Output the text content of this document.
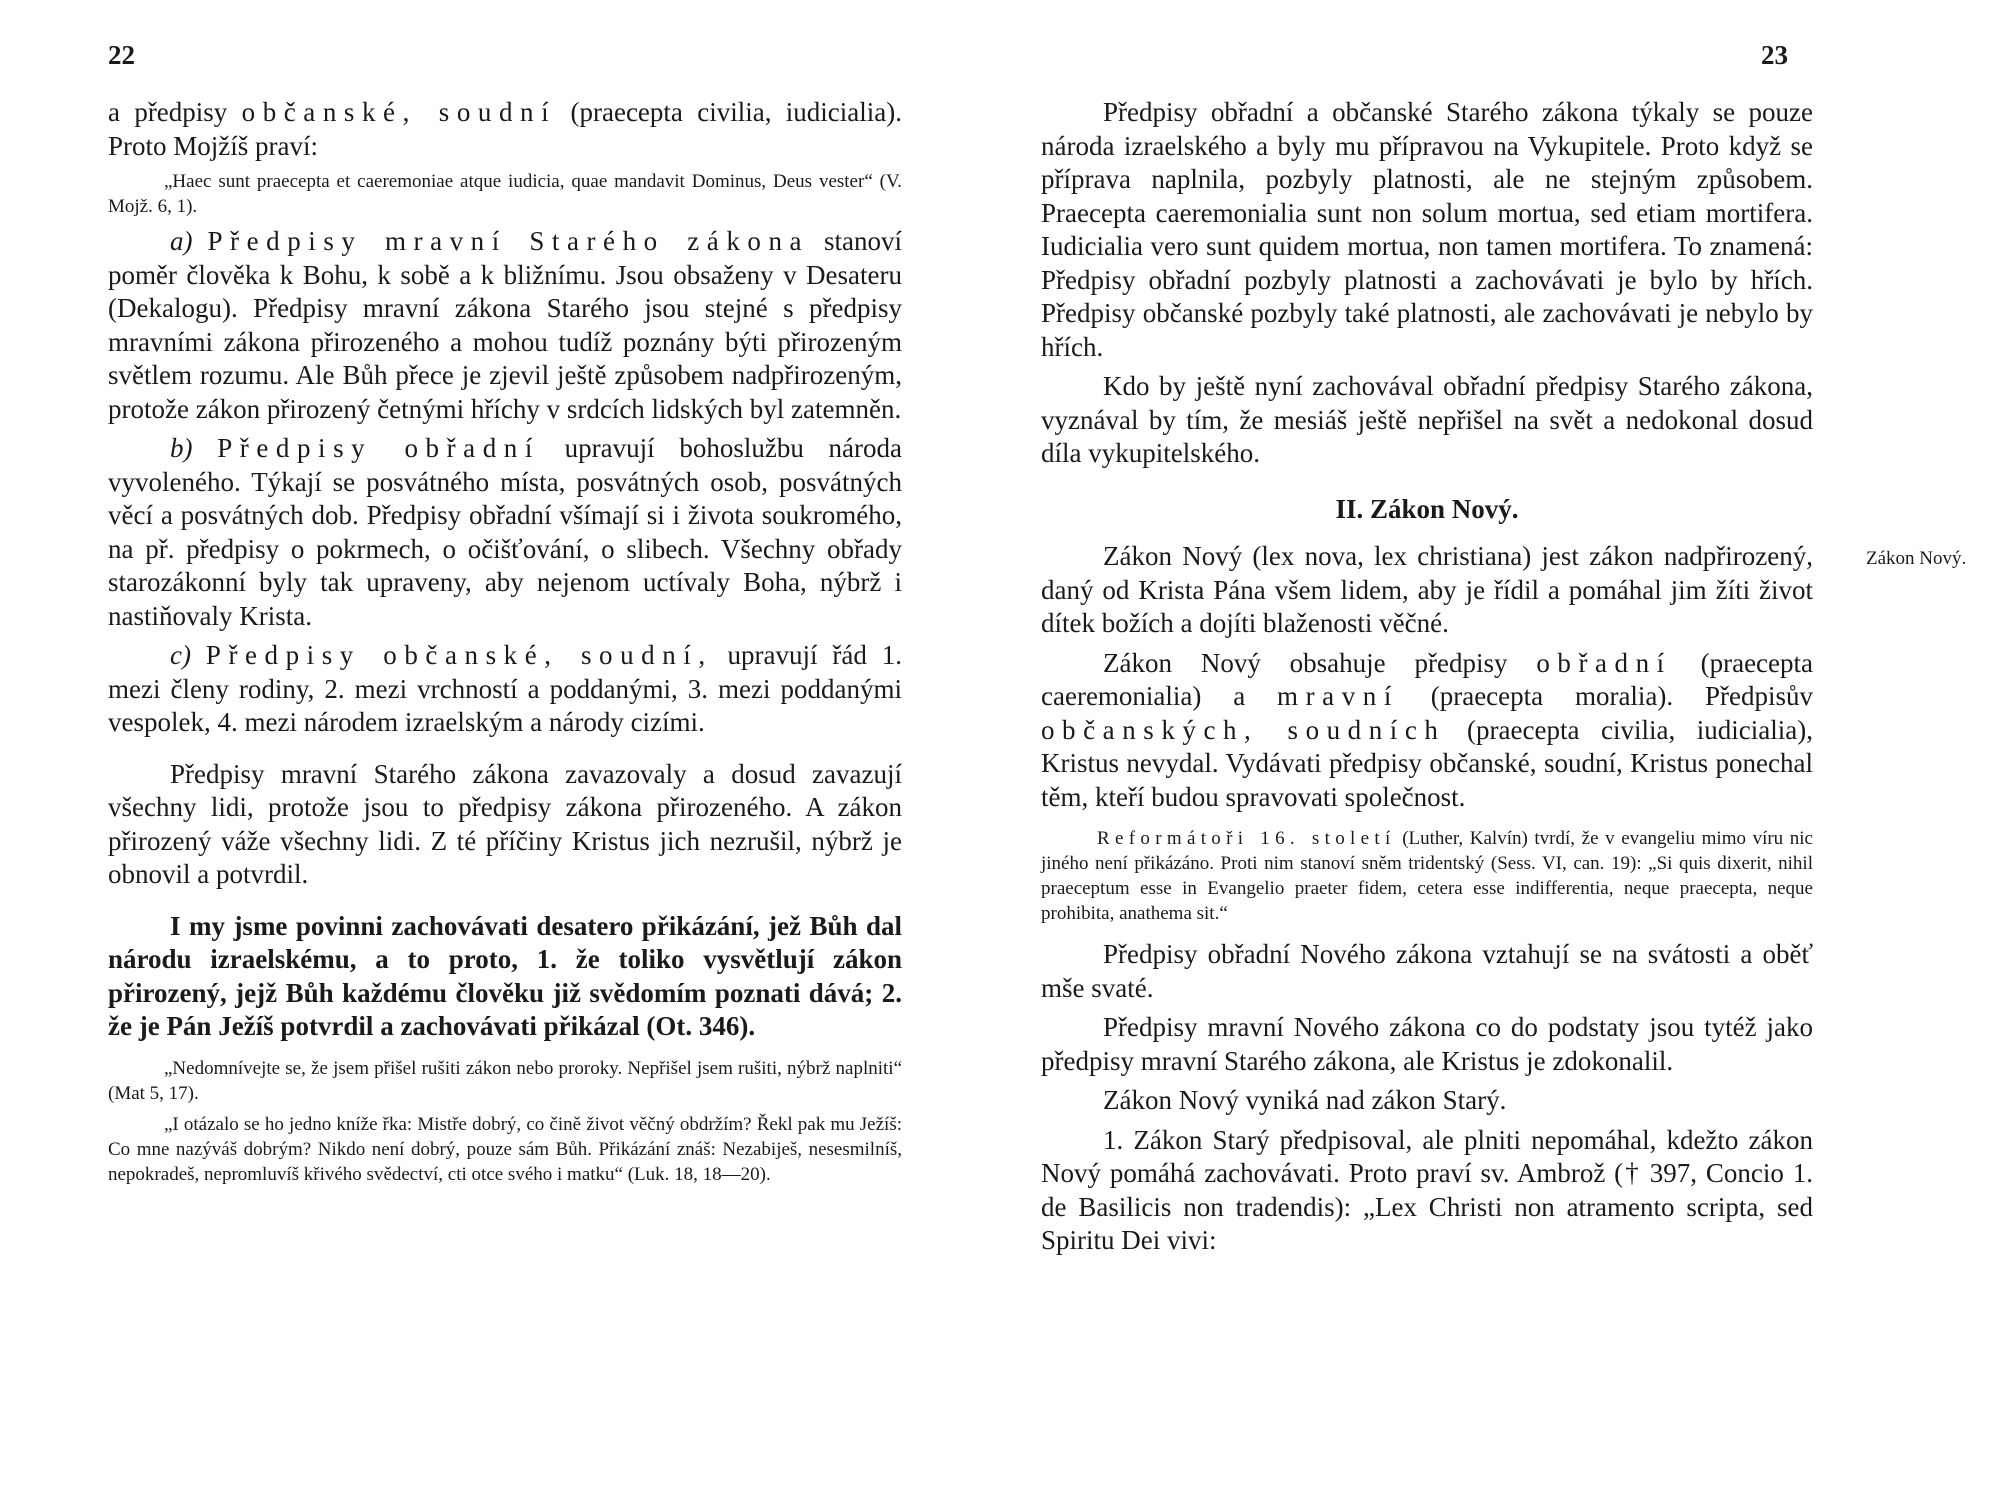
22

a předpisy občanské, soudní (praecepta civilia, iudicialia). Proto Mojžíš praví:

„Haec sunt praecepta et caeremoniae atque iudicia, quae mandavit Dominus, Deus vester“ (V. Mojž. 6, 1).

a) Předpisy mravní Starého zákona stanoví poměr člověka k Bohu, k sobě a k bližnímu. Jsou obsaženy v Desateru (Dekalogu). Předpisy mravní zákona Starého jsou stejné s předpisy mravními zákona přirozeného a mohou tudíž poznány býti přirozeným světlem rozumu. Ale Bůh přece je zjevil ještě způsobem nadpřirozeným, protože zákon přirozený četnými hříchy v srdcích lidských byl zatemněn.

b) Předpisy obřadní upravují bohoslužbu národa vyvoleného. Týkají se posvátného místa, posvátných osob, posvátných věcí a posvátných dob. Předpisy obřadní všímají si i života soukromého, na př. předpisy o pokrmech, o očišťování, o slibech. Všechny obřady starozákonní byly tak upraveny, aby nejenom uctívaly Boha, nýbrž i nastiňovaly Krista.

c) Předpisy občanské, soudní, upravují řád 1. mezi členy rodiny, 2. mezi vrchností a poddanými, 3. mezi poddanými vespolek, 4. mezi národem izraelským a národy cizími.

Předpisy mravní Starého zákona zavazovaly a dosud zavazují všechny lidi, protože jsou to předpisy zákona přirozeného. A zákon přirozený váže všechny lidi. Z té příčiny Kristus jich nezrušil, nýbrž je obnovil a potvrdil.

I my jsme povinni zachovávati desatero přikázání, jež Bůh dal národu izraelskému, a to proto, 1. že toliko vysvětlují zákon přirozený, jejž Bůh každému člověku již svědomím poznati dává; 2. že je Pán Ježíš potvrdil a zachovávati přikázal (Ot. 346).

„Nedomnívejte se, že jsem přišel rušiti zákon nebo proroky. Nepřišel jsem rušiti, nýbrž naplniti“ (Mat 5, 17).

„I otázalo se ho jedno kníže řka: Mistře dobrý, co čině život věčný obdržím? Řekl pak mu Ježíš: Co mne nazýváš dobrým? Nikdo není dobrý, pouze sám Bůh. Přikázání znáš: Nezabiješ, nesesmilníš, nepokradeš, nepromluvíš křivého svědectví, cti otce svého i matku“ (Luk. 18, 18—20).

23

Předpisy obřadní a občanské Starého zákona týkaly se pouze národa izraelského a byly mu přípravou na Vykupitele. Proto když se příprava naplnila, pozbyly platnosti, ale ne stejným způsobem. Praecepta caeremonialia sunt non solum mortua, sed etiam mortifera. Iudicialia vero sunt quidem mortua, non tamen mortifera. To znamená: Předpisy obřadní pozbyly platnosti a zachovávati je bylo by hřích. Předpisy občanské pozbyly také platnosti, ale zachovávati je nebylo by hřích.

Kdo by ještě nyní zachovával obřadní předpisy Starého zákona, vyznával by tím, že mesiáš ještě nepřišel na svět a nedokonal dosud díla vykupitelského.

II. Zákon Nový.
Zákon Nový.

Zákon Nový (lex nova, lex christiana) jest zákon nadpřirozený, daný od Krista Pána všem lidem, aby je řídil a pomáhal jim žíti život dítek božích a dojíti blaženosti věčné.

Zákon Nový obsahuje předpisy obřadní (praecepta caeremonialia) a mravní (praecepta moralia). Předpisův občanských, soudních (praecepta civilia, iudicialia), Kristus nevydal. Vydávati předpisy občanské, soudní, Kristus ponechal těm, kteří budou spravovati společnost.

Reformátoři 16. století (Luther, Kalvín) tvrdí, že v evangeliu mimo víru nic jiného není přikázáno. Proti nim stanoví sněm tridentský (Sess. VI, can. 19): „Si quis dixerit, nihil praeceptum esse in Evangelio praeter fidem, cetera esse indifferentia, neque praecepta, neque prohibita, anathema sit.“

Předpisy obřadní Nového zákona vztahují se na svátosti a oběť mše svaté.

Předpisy mravní Nového zákona co do podstaty jsou tytéž jako předpisy mravní Starého zákona, ale Kristus je zdokonalil.

Zákon Nový vyniká nad zákon Starý.

1. Zákon Starý předpisoval, ale plniti nepomáhal, kdežto zákon Nový pomáhá zachovávati. Proto praví sv. Ambrož († 397, Concio 1. de Basilicis non tradendis): „Lex Christi non atramento scripta, sed Spiritu Dei vivi:
